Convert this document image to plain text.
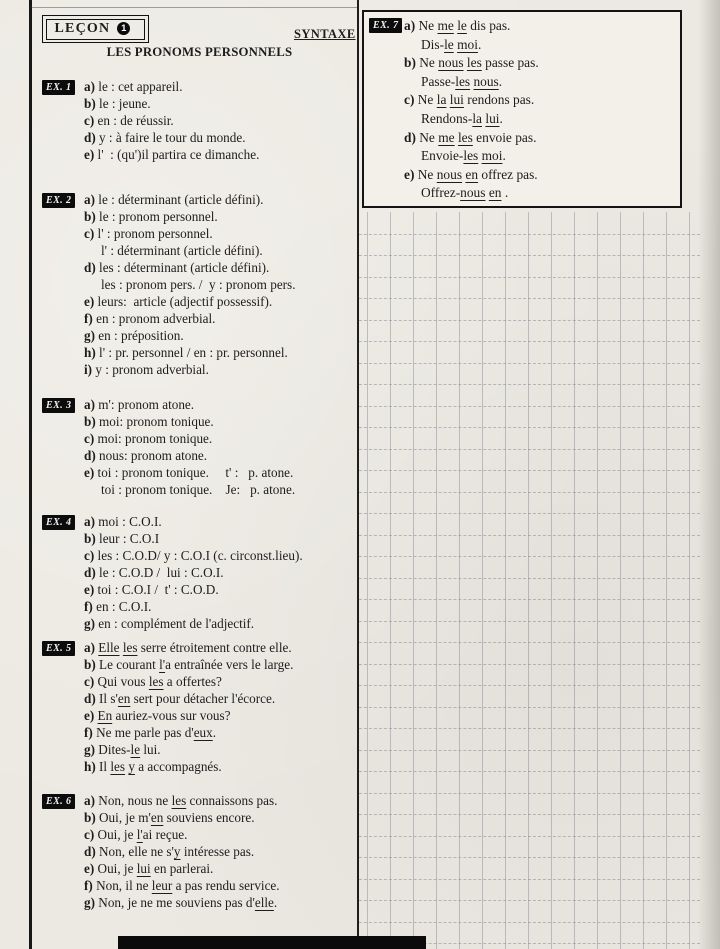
LEÇON	1	SYNTAXE
LES PRONOMS PERSONNELS
EX. 1 a) le : cet appareil.
b) le : jeune.
c) en : de réussir.
d) y : à faire le tour du monde.
e) l'  : (qu')il partira ce dimanche.
EX. 2 a) le : déterminant (article défini).
b) le : pronom personnel.
c) l' : pronom personnel.
l' : déterminant (article défini).
d) les : déterminant (article défini).
les : pronom pers. /  y : pronom pers.
e) leurs:  article (adjectif possessif).
f) en : pronom adverbial.
g) en : préposition.
h) l' : pr. personnel / en : pr. personnel.
i) y : pronom adverbial.
EX. 3 a) m': pronom atone.
b) moi: pronom tonique.
c) moi: pronom tonique.
d) nous: pronom atone.
e) toi : pronom tonique.     t' :   p. atone.
toi : pronom tonique.    Je:   p. atone.
EX. 4 a) moi : C.O.I.
b) leur : C.O.I
c) les : C.O.D/ y : C.O.I (c. circonst.lieu).
d) le : C.O.D /  lui : C.O.I.
e) toi : C.O.I /  t' : C.O.D.
f) en : C.O.I.
g) en : complément de l'adjectif.
EX. 5 a) Elle les serre étroitement contre elle.
b) Le courant l'a entraînée vers le large.
c) Qui vous les a offertes?
d) Il s'en sert pour détacher l'écorce.
e) En auriez-vous sur vous?
f) Ne me parle pas d'eux.
g) Dites-le lui.
h) Il les y a accompagnés.
EX. 6 a) Non, nous ne les connaissons pas.
b) Oui, je m'en souviens encore.
c) Oui, je l'ai reçue.
d) Non, elle ne s'y intéresse pas.
e) Oui, je lui en parlerai.
f) Non, il ne leur a pas rendu service.
g) Non, je ne me souviens pas d'elle.
EX. 7 a) Ne me le dis pas.
Dis-le moi.
b) Ne nous les passe pas.
Passe-les nous.
c) Ne la lui rendons pas.
Rendons-la lui.
d) Ne me les envoie pas.
Envoie-les moi.
e) Ne nous en offrez pas.
Offrez-nous en .
